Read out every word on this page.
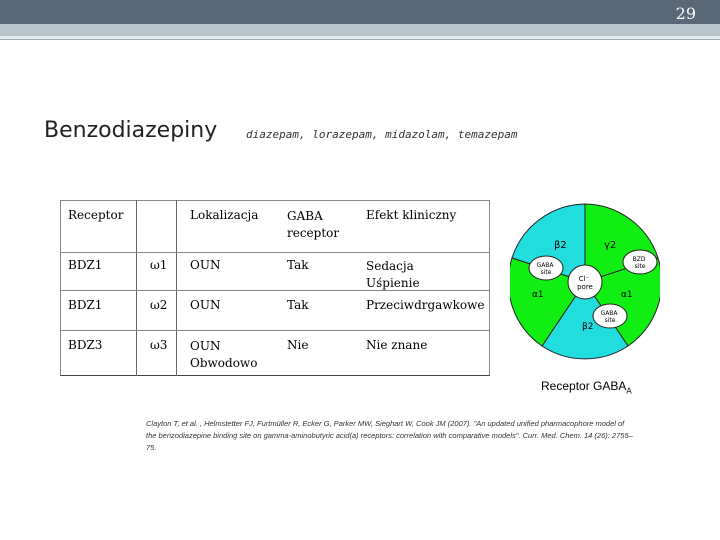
29
Benzodiazepiny	diazepam, lorazepam, midazolam, temazepam
Receptor		Lokalizacja	GABA receptor	Efekt kliniczny
BDZ1	ω1	OUN	Tak	Sedacja Uśpienie

BDZ1	ω2	OUN	Tak	Przeciwdrgawkowe
BDZ3	ω3	OUN Obwodowo	Nie	Nie znane
β2	γ2
α1	α1
β2
GABA site
BZD site
GABA site
Cl⁻ pore
Receptor $GABA_A$
Clayton T, et al. , Helmstetter FJ, Furtmüller R, Ecker G, Parker MW, Sieghart W, Cook JM (2007). "An updated unified pharmacophore model of the benzodiazepine binding site on gamma-aminobutyric acid(a) receptors: correlation with comparative models". Curr. Med. Chem. 14 (26): 2755–75.
